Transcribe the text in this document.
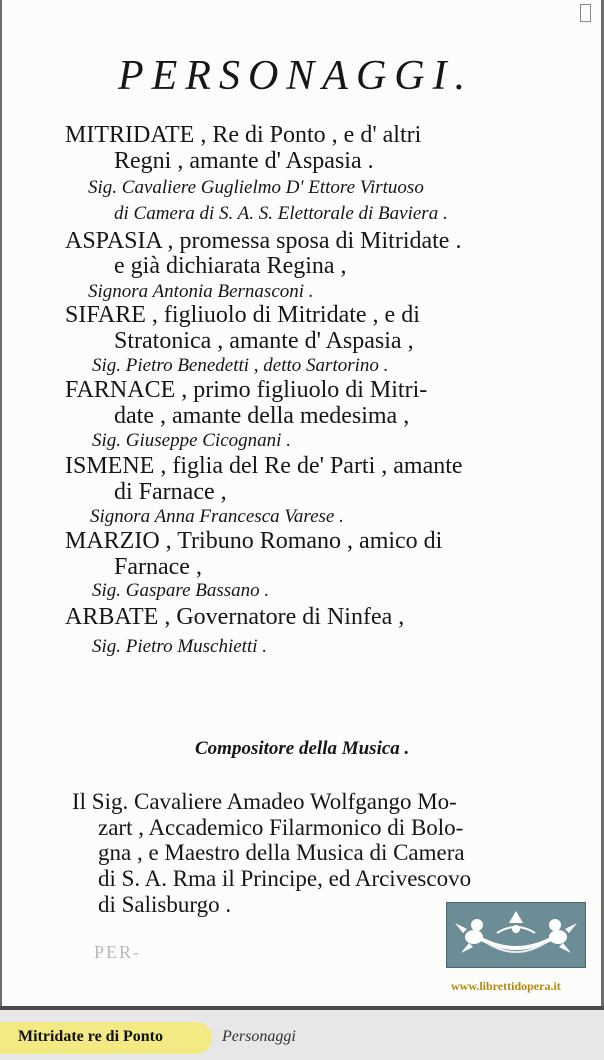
PERSONAGGI.
MITRIDATE , Re di Ponto , e d' altri
Regni , amante d' Aspasia .
Sig. Cavaliere Guglielmo D' Ettore Virtuoso
di Camera di S. A. S. Elettorale di Baviera .
ASPASIA , promessa sposa di Mitridate .
e già dichiarata Regina ,
Signora Antonia Bernasconi .
SIFARE , figliuolo di Mitridate , e di
Stratonica , amante d' Aspasia ,
Sig. Pietro Benedetti , detto Sartorino .
FARNACE , primo figliuolo di Mitri-
date , amante della medesima ,
Sig. Giuseppe Cicognani .
ISMENE , figlia del Re de' Parti , amante
di Farnace ,
Signora Anna Francesca Varese .
MARZIO , Tribuno Romano , amico di
Farnace ,
Sig. Gaspare Bassano .
ARBATE , Governatore di Ninfea ,
Sig. Pietro Muschietti .
Compositore della Musica .
Il Sig. Cavaliere Amadeo Wolfgango Mo-
zart , Accademico Filarmonico di Bolo-
gna , e Maestro della Musica di Camera
di S. A. Rma il Principe, ed Arcivescovo
di Salisburgo .
PER-
www.librettidopera.it
Mitridate re di Ponto	Personaggi
